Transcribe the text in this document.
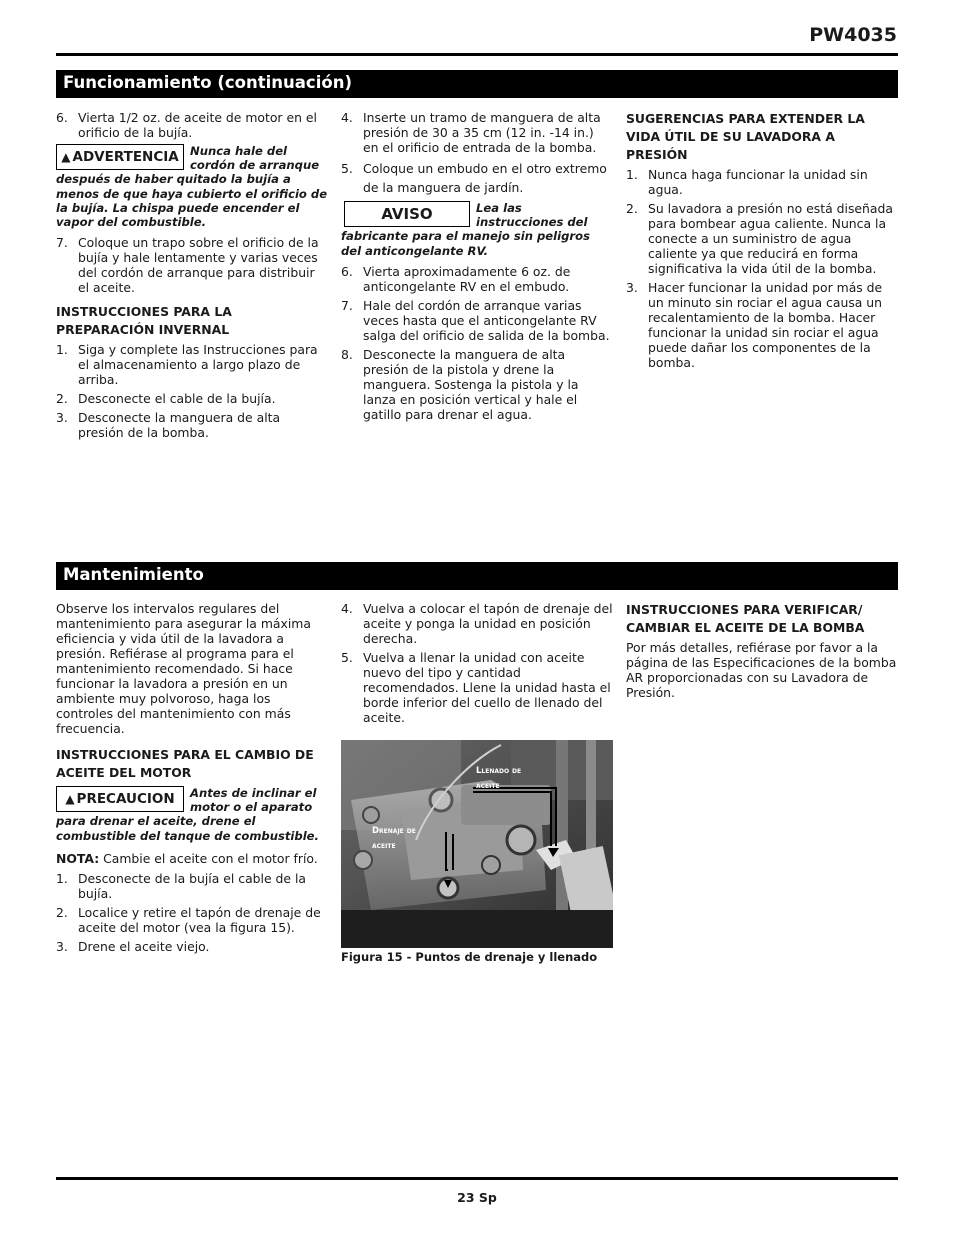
PW4035
Funcionamiento (continuación)
6. Vierta 1/2 oz. de aceite de motor en el orificio de la bujía.
▲ ADVERTENCIA Nunca hale del cordón de arranque después de haber quitado la bujía a menos de que haya cubierto el orificio de la bujía. La chispa puede encender el vapor del combustible.
7. Coloque un trapo sobre el orificio de la bujía y hale lentamente y varias veces del cordón de arranque para distribuir el aceite.
INSTRUCCIONES PARA LA PREPARACIÓN INVERNAL
1. Siga y complete las Instrucciones para el almacenamiento a largo plazo de arriba.
2. Desconecte el cable de la bujía.
3. Desconecte la manguera de alta presión de la bomba.
4. Inserte un tramo de manguera de alta presión de 30 a 35 cm (12 in. -14 in.) en el orificio de entrada de la bomba.
5. Coloque un embudo en el otro extremo de la manguera de jardín.
AVISO	Lea las instrucciones del fabricante para el manejo sin peligros del anticongelante RV.
6. Vierta aproximadamente 6 oz. de anticongelante RV en el embudo.
7. Hale del cordón de arranque varias veces hasta que el anticongelante RV salga del orificio de salida de la bomba.
8. Desconecte la manguera de alta presión de la pistola y drene la manguera. Sostenga la pistola y la lanza en posición vertical y hale el gatillo para drenar el agua.
SUGERENCIAS PARA EXTENDER LA VIDA ÚTIL DE SU LAVADORA A PRESIÓN
1. Nunca haga funcionar la unidad sin agua.
2. Su lavadora a presión no está diseñada para bombear agua caliente. Nunca la conecte a un suministro de agua caliente ya que reducirá en forma significativa la vida útil de la bomba.
3. Hacer funcionar la unidad por más de un minuto sin rociar el agua causa un recalentamiento de la bomba. Hacer funcionar la unidad sin rociar el agua puede dañar los componentes de la bomba.
Mantenimiento

Observe los intervalos regulares del mantenimiento para asegurar la máxima eficiencia y vida útil de la lavadora a presión. Refiérase al programa para el mantenimiento recomendado. Si hace funcionar la lavadora a presión en un ambiente muy polvoroso, haga los controles del mantenimiento con más frecuencia.

INSTRUCCIONES PARA EL CAMBIO DE ACEITE DEL MOTOR
▲ PRECAUCION Antes de inclinar el motor o el aparato para drenar el aceite, drene el combustible del tanque de combustible.

NOTA: Cambie el aceite con el motor frío.

1. Desconecte de la bujía el cable de la bujía.
2. Localice y retire el tapón de drenaje de aceite del motor (vea la figura 15).
3. Drene el aceite viejo.
4. Vuelva a colocar el tapón de drenaje del aceite y ponga la unidad en posición derecha.
5. Vuelva a llenar la unidad con aceite nuevo del tipo y cantidad recomendados. Llene la unidad hasta el borde inferior del cuello de llenado del aceite.
Llenado de
aceite
Drenaje de
aceite
Figura 15 - Puntos de drenaje y llenado
INSTRUCCIONES PARA VERIFICAR/ CAMBIAR EL ACEITE DE LA BOMBA

Por más detalles, refiérase por favor a la página de las Especificaciones de la bomba AR proporcionadas con su Lavadora de Presión.

23 Sp
